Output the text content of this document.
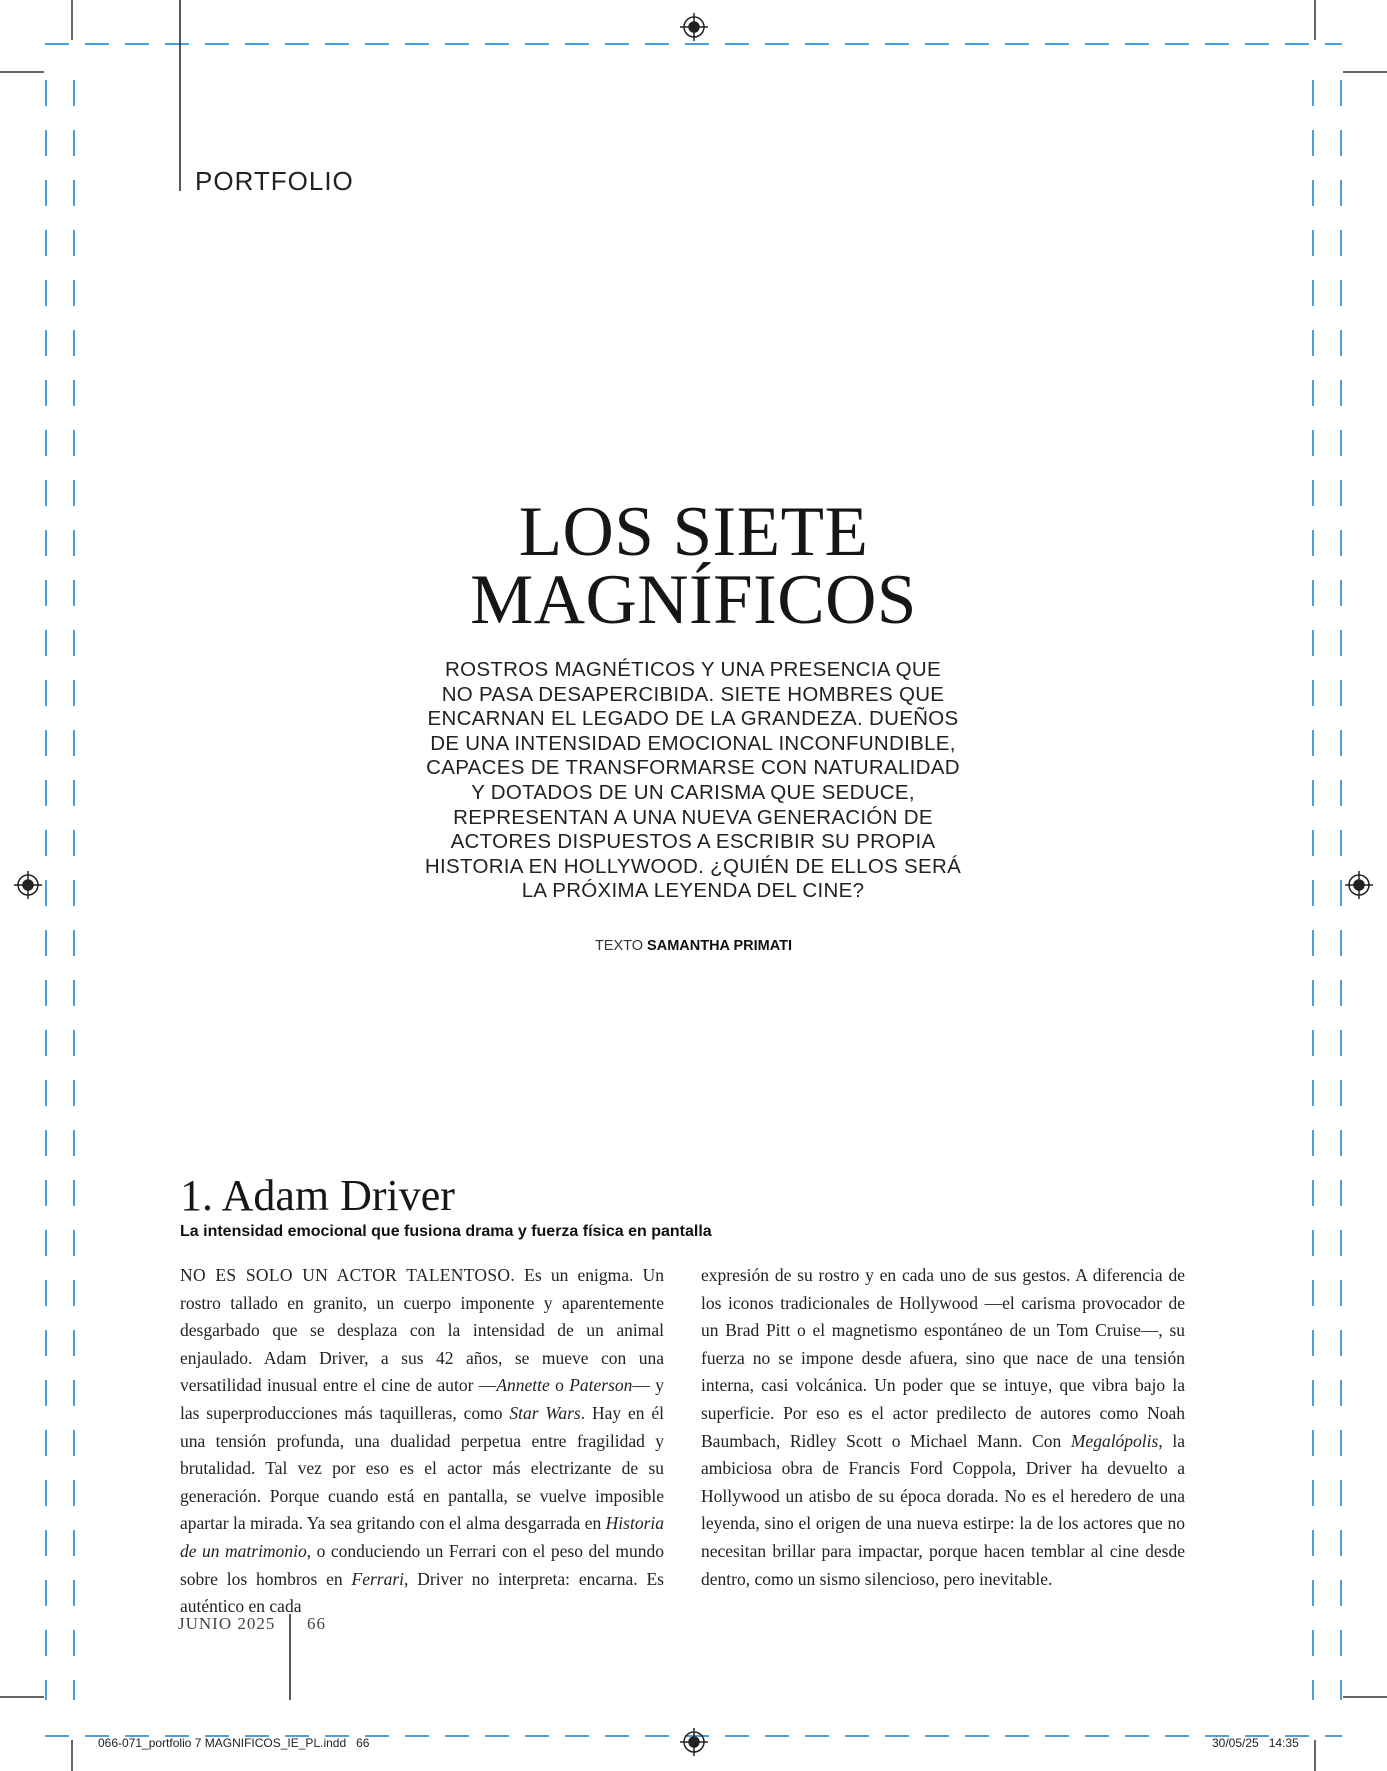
PORTFOLIO
LOS SIETE
MAGNÍFICOS
ROSTROS MAGNÉTICOS Y UNA PRESENCIA QUE
NO PASA DESAPERCIBIDA. SIETE HOMBRES QUE
ENCARNAN EL LEGADO DE LA GRANDEZA. DUEÑOS
DE UNA INTENSIDAD EMOCIONAL INCONFUNDIBLE,
CAPACES DE TRANSFORMARSE CON NATURALIDAD
Y DOTADOS DE UN CARISMA QUE SEDUCE,
REPRESENTAN A UNA NUEVA GENERACIÓN DE
ACTORES DISPUESTOS A ESCRIBIR SU PROPIA
HISTORIA EN HOLLYWOOD. ¿QUIÉN DE ELLOS SERÁ
LA PRÓXIMA LEYENDA DEL CINE?
TEXTO SAMANTHA PRIMATI
1. Adam Driver
La intensidad emocional que fusiona drama y fuerza física en pantalla
NO ES SOLO UN ACTOR TALENTOSO. Es un enigma. Un rostro tallado en granito, un cuerpo imponente y aparentemente desgarbado que se desplaza con la intensidad de un animal enjaulado. Adam Driver, a sus 42 años, se mueve con una versatilidad inusual entre el cine de autor —Annette o Paterson— y las superproducciones más taquilleras, como Star Wars. Hay en él una tensión profunda, una dualidad perpetua entre fragilidad y brutalidad. Tal vez por eso es el actor más electrizante de su generación. Porque cuando está en pantalla, se vuelve imposible apartar la mirada. Ya sea gritando con el alma desgarrada en Historia de un matrimonio, o conduciendo un Ferrari con el peso del mundo sobre los hombros en Ferrari, Driver no interpreta: encarna. Es auténtico en cada
expresión de su rostro y en cada uno de sus gestos. A diferencia de los iconos tradicionales de Hollywood —el carisma provocador de un Brad Pitt o el magnetismo espontáneo de un Tom Cruise—, su fuerza no se impone desde afuera, sino que nace de una tensión interna, casi volcánica. Un poder que se intuye, que vibra bajo la superficie. Por eso es el actor predilecto de autores como Noah Baumbach, Ridley Scott o Michael Mann. Con Megalópolis, la ambiciosa obra de Francis Ford Coppola, Driver ha devuelto a Hollywood un atisbo de su época dorada. No es el heredero de una leyenda, sino el origen de una nueva estirpe: la de los actores que no necesitan brillar para impactar, porque hacen temblar al cine desde dentro, como un sismo silencioso, pero inevitable.
JUNIO 2025 66
066-071_portfolio 7 MAGNIFICOS_IE_PL.indd   66	30/05/25   14:35
